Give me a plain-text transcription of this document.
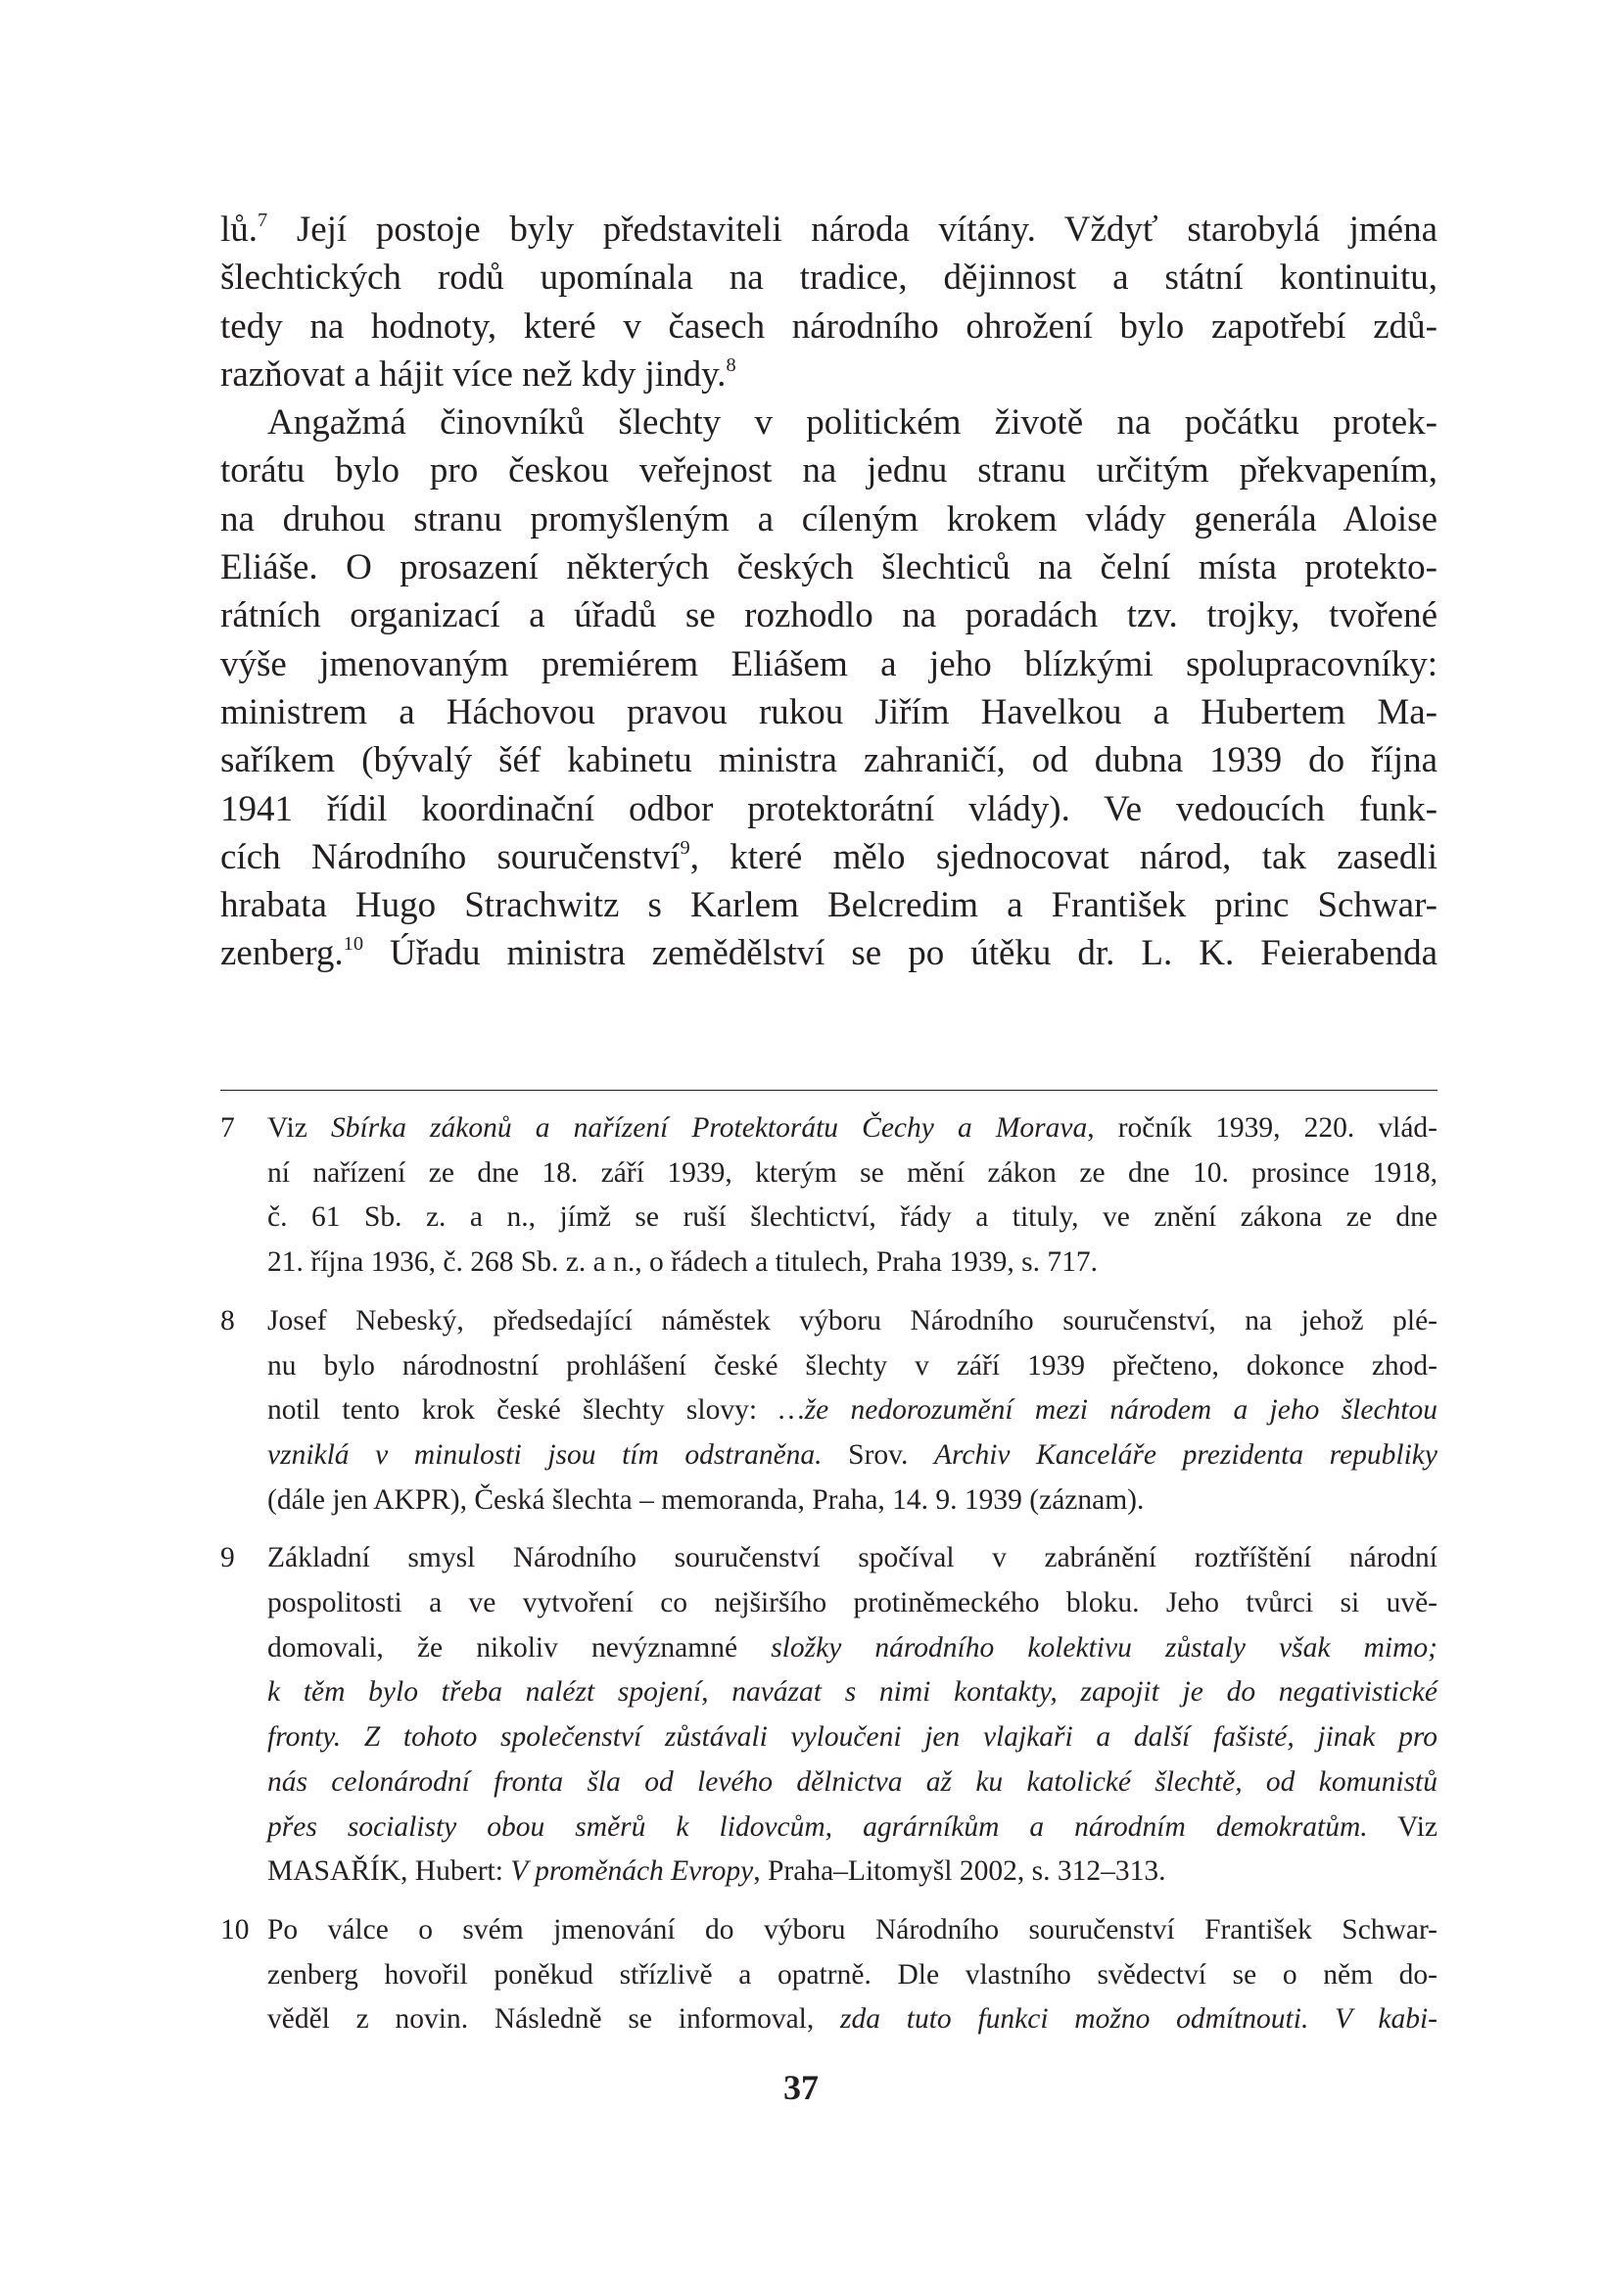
lů.$^7$ Její postoje byly představiteli národa vítány. Vždyť starobylá jména
šlechtických rodů upomínala na tradice, dějinnost a státní kontinuitu,
tedy na hodnoty, které v časech národního ohrožení bylo zapotřebí zdů-
razňovat a hájit více než kdy jindy.$^8$
Angažmá činovníků šlechty v politickém životě na počátku protek-
torátu bylo pro českou veřejnost na jednu stranu určitým překvapením,
na druhou stranu promyšleným a cíleným krokem vlády generála Aloise
Eliáše. O prosazení některých českých šlechticů na čelní místa protekto-
rátních organizací a úřadů se rozhodlo na poradách tzv. trojky, tvořené
výše jmenovaným premiérem Eliášem a jeho blízkými spolupracovníky:
ministrem a Háchovou pravou rukou Jiřím Havelkou a Hubertem Ma-
saříkem (bývalý šéf kabinetu ministra zahraničí, od dubna 1939 do října
1941 řídil koordinační odbor protektorátní vlády). Ve vedoucích funk-
cích Národního souručenství$^9$, které mělo sjednocovat národ, tak zasedli
hrabata Hugo Strachwitz s Karlem Belcredim a František princ Schwar-
zenberg.$^{10}$ Úřadu ministra zemědělství se po útěku dr. L. K. Feierabenda
7 Viz Sbírka zákonů a nařízení Protektorátu Čechy a Morava, ročník 1939, 220. vlád-
ní nařízení ze dne 18. září 1939, kterým se mění zákon ze dne 10. prosince 1918,
č. 61 Sb. z. a n., jímž se ruší šlechtictví, řády a tituly, ve znění zákona ze dne
21. října 1936, č. 268 Sb. z. a n., o řádech a titulech, Praha 1939, s. 717.
8 Josef Nebeský, předsedající náměstek výboru Národního souručenství, na jehož plé-
nu bylo národnostní prohlášení české šlechty v září 1939 přečteno, dokonce zhod-
notil tento krok české šlechty slovy: …že nedorozumění mezi národem a jeho šlechtou
vzniklá v minulosti jsou tím odstraněna. Srov. Archiv Kanceláře prezidenta republiky
(dále jen AKPR), Česká šlechta – memoranda, Praha, 14. 9. 1939 (záznam).
9 Základní smysl Národního souručenství spočíval v zabránění roztříštění národní
pospolitosti a ve vytvoření co nejširšího protiněmeckého bloku. Jeho tvůrci si uvě-
domovali, že nikoliv nevýznamné složky národního kolektivu zůstaly však mimo;
k těm bylo třeba nalézt spojení, navázat s nimi kontakty, zapojit je do negativistické
fronty. Z tohoto společenství zůstávali vyloučeni jen vlajkaři a další fašisté, jinak pro
nás celonárodní fronta šla od levého dělnictva až ku katolické šlechtě, od komunistů
přes socialisty obou směrů k lidovcům, agrárníkům a národním demokratům. Viz
MASAŘÍK, Hubert: V proměnách Evropy, Praha–Litomyšl 2002, s. 312–313.
10 Po válce o svém jmenování do výboru Národního souručenství František Schwar-
zenberg hovořil poněkud střízlivě a opatrně. Dle vlastního svědectví se o něm do-
věděl z novin. Následně se informoval, zda tuto funkci možno odmítnouti. V kabi-
37
